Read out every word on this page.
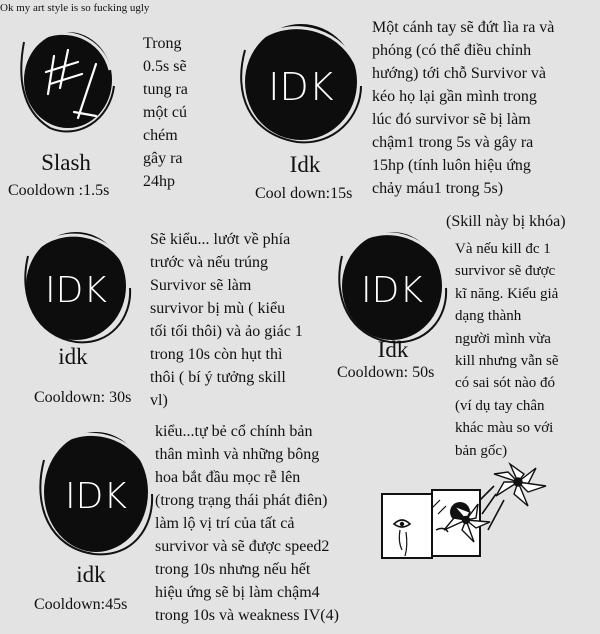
Ok my art style is so fucking ugly
Slash
Cooldown :1.5s
Trong
0.5s sẽ
tung ra
một cú
chém
gây ra
24hp
IDK
Idk
Cool down:15s
Một cánh tay sẽ đứt lìa ra và
phóng (có thể điều chỉnh
hướng) tới chỗ Survivor và
kéo họ lại gần mình trong
lúc đó survivor sẽ bị làm
chậm1 trong 5s và gây ra
15hp (tính luôn hiệu ứng
chảy máu1 trong 5s)
IDK
idk
Cooldown: 30s
Sẽ kiểu... lướt về phía
trước và nếu trúng
Survivor sẽ làm
survivor bị mù ( kiểu
tối tối thôi) và ảo giác 1
trong 10s còn hụt thì
thôi ( bí ý tưởng skill
vl)
IDK
Idk
Cooldown: 50s
(Skill này bị khóa)
Và nếu kill đc 1
survivor sẽ được
kĩ năng. Kiểu giả
dạng thành
người mình vừa
kill nhưng vẫn sẽ
có sai sót nào đó
(ví dụ tay chân
khác màu so với
bản gốc)
IDK
idk
Cooldown:45s
kiểu...tự bẻ cổ chính bản
thân mình và những bông
hoa bắt đầu mọc rễ lên
(trong trạng thái phát điên)
làm lộ vị trí của tất cả
survivor và sẽ được speed2
trong 10s nhưng nếu hết
hiệu ứng sẽ bị làm chậm4
trong 10s và weakness IV(4)
